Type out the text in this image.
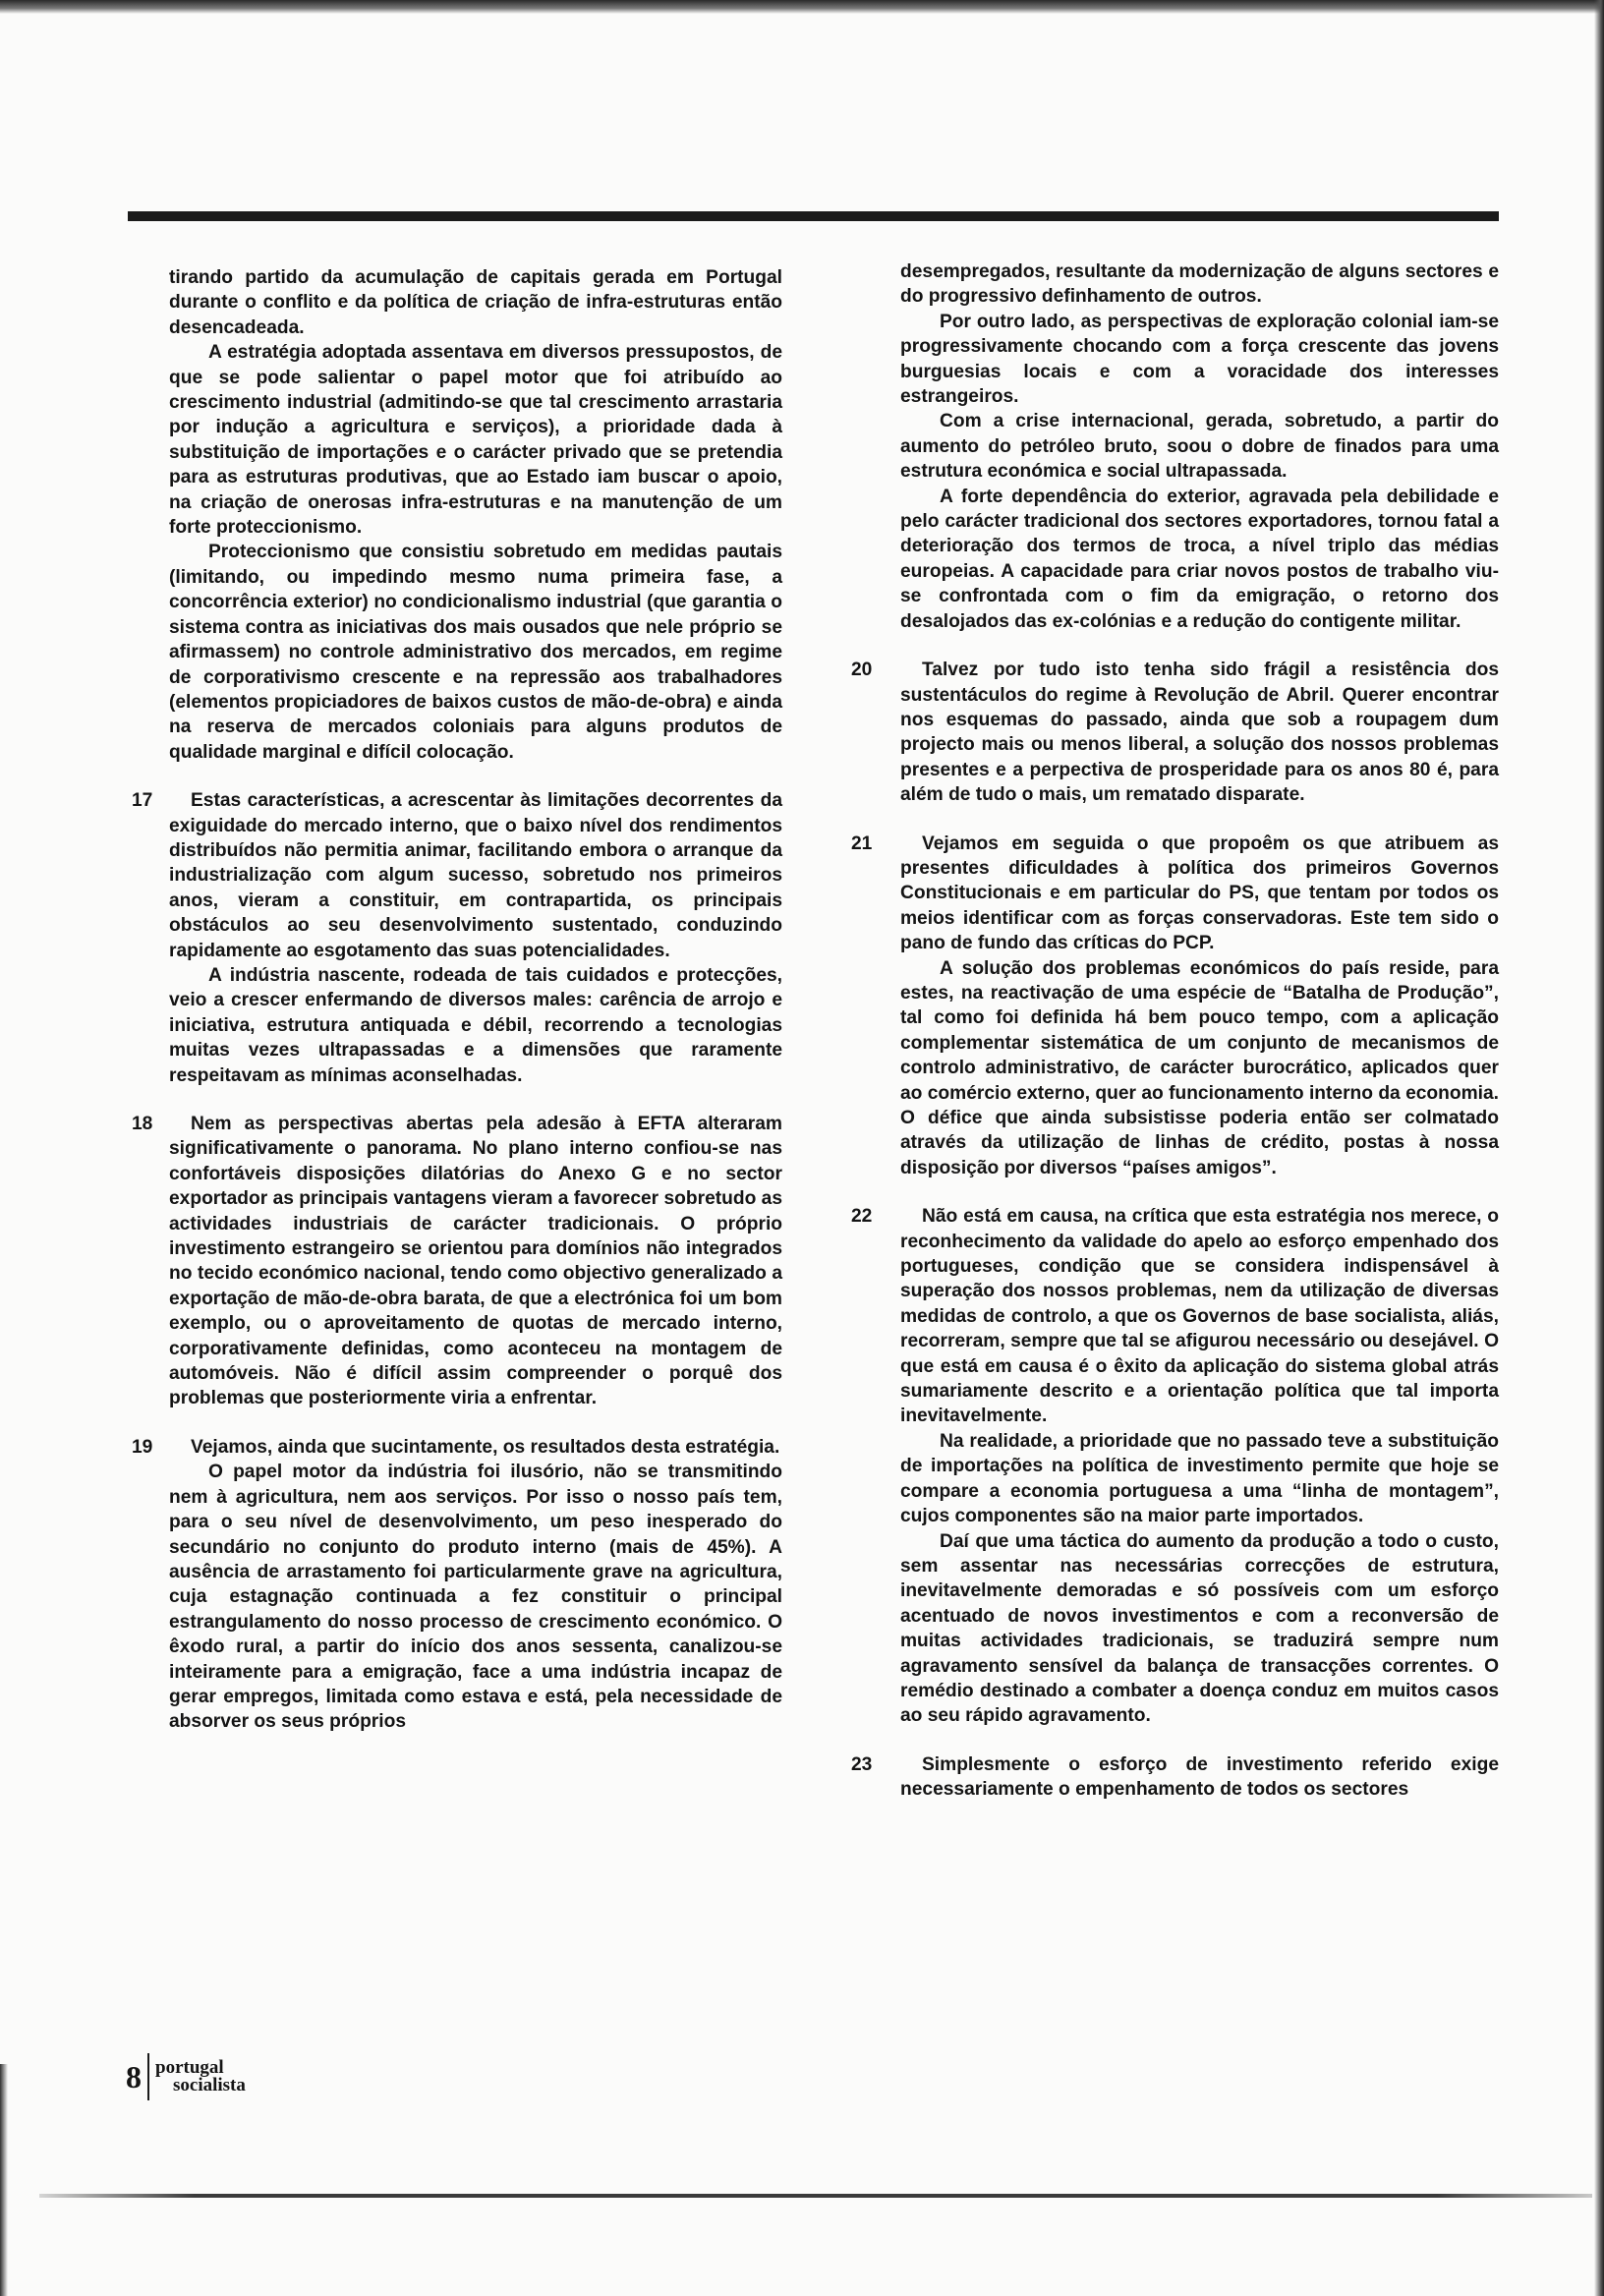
tirando partido da acumulação de capitais gerada em Portugal durante o conflito e da política de criação de infra-estruturas então desencadeada.

A estratégia adoptada assentava em diversos pressupostos, de que se pode salientar o papel motor que foi atribuído ao crescimento industrial (admitindo-se que tal crescimento arrastaria por indução a agricultura e serviços), a prioridade dada à substituição de importações e o carácter privado que se pretendia para as estruturas produtivas, que ao Estado iam buscar o apoio, na criação de onerosas infra-estruturas e na manutenção de um forte proteccionismo.

Proteccionismo que consistiu sobretudo em medidas pautais (limitando, ou impedindo mesmo numa primeira fase, a concorrência exterior) no condicionalismo industrial (que garantia o sistema contra as iniciativas dos mais ousados que nele próprio se afirmassem) no controle administrativo dos mercados, em regime de corporativismo crescente e na repressão aos trabalhadores (elementos propiciadores de baixos custos de mão-de-obra) e ainda na reserva de mercados coloniais para alguns produtos de qualidade marginal e difícil colocação.

17	Estas características, a acrescentar às limitações decorrentes da exiguidade do mercado interno, que o baixo nível dos rendimentos distribuídos não permitia animar, facilitando embora o arranque da industrialização com algum sucesso, sobretudo nos primeiros anos, vieram a constituir, em contrapartida, os principais obstáculos ao seu desenvolvimento sustentado, conduzindo rapidamente ao esgotamento das suas potencialidades.

A indústria nascente, rodeada de tais cuidados e protecções, veio a crescer enfermando de diversos males: carência de arrojo e iniciativa, estrutura antiquada e débil, recorrendo a tecnologias muitas vezes ultrapassadas e a dimensões que raramente respeitavam as mínimas aconselhadas.

18	Nem as perspectivas abertas pela adesão à EFTA alteraram significativamente o panorama. No plano interno confiou-se nas confortáveis disposições dilatórias do Anexo G e no sector exportador as principais vantagens vieram a favorecer sobretudo as actividades industriais de carácter tradicionais. O próprio investimento estrangeiro se orientou para domínios não integrados no tecido económico nacional, tendo como objectivo generalizado a exportação de mão-de-obra barata, de que a electrónica foi um bom exemplo, ou o aproveitamento de quotas de mercado interno, corporativamente definidas, como aconteceu na montagem de automóveis. Não é difícil assim compreender o porquê dos problemas que posteriormente viria a enfrentar.

19	Vejamos, ainda que sucintamente, os resultados desta estratégia.

O papel motor da indústria foi ilusório, não se transmitindo nem à agricultura, nem aos serviços. Por isso o nosso país tem, para o seu nível de desenvolvimento, um peso inesperado do secundário no conjunto do produto interno (mais de 45%). A ausência de arrastamento foi particularmente grave na agricultura, cuja estagnação continuada a fez constituir o principal estrangulamento do nosso processo de crescimento económico. O êxodo rural, a partir do início dos anos sessenta, canalizou-se inteiramente para a emigração, face a uma indústria incapaz de gerar empregos, limitada como estava e está, pela necessidade de absorver os seus próprios

desempregados, resultante da modernização de alguns sectores e do progressivo definhamento de outros.

Por outro lado, as perspectivas de exploração colonial iam-se progressivamente chocando com a força crescente das jovens burguesias locais e com a voracidade dos interesses estrangeiros.

Com a crise internacional, gerada, sobretudo, a partir do aumento do petróleo bruto, soou o dobre de finados para uma estrutura económica e social ultrapassada.

A forte dependência do exterior, agravada pela debilidade e pelo carácter tradicional dos sectores exportadores, tornou fatal a deterioração dos termos de troca, a nível triplo das médias europeias. A capacidade para criar novos postos de trabalho viu-se confrontada com o fim da emigração, o retorno dos desalojados das ex-colónias e a redução do contigente militar.

20	Talvez por tudo isto tenha sido frágil a resistência dos sustentáculos do regime à Revolução de Abril. Querer encontrar nos esquemas do passado, ainda que sob a roupagem dum projecto mais ou menos liberal, a solução dos nossos problemas presentes e a perpectiva de prosperidade para os anos 80 é, para além de tudo o mais, um rematado disparate.

21	Vejamos em seguida o que propoêm os que atribuem as presentes dificuldades à política dos primeiros Governos Constitucionais e em particular do PS, que tentam por todos os meios identificar com as forças conservadoras. Este tem sido o pano de fundo das críticas do PCP.

A solução dos problemas económicos do país reside, para estes, na reactivação de uma espécie de “Batalha de Produção”, tal como foi definida há bem pouco tempo, com a aplicação complementar sistemática de um conjunto de mecanismos de controlo administrativo, de carácter burocrático, aplicados quer ao comércio externo, quer ao funcionamento interno da economia. O défice que ainda subsistisse poderia então ser colmatado através da utilização de linhas de crédito, postas à nossa disposição por diversos “países amigos”.

22	Não está em causa, na crítica que esta estratégia nos merece, o reconhecimento da validade do apelo ao esforço empenhado dos portugueses, condição que se considera indispensável à superação dos nossos problemas, nem da utilização de diversas medidas de controlo, a que os Governos de base socialista, aliás, recorreram, sempre que tal se afigurou necessário ou desejável. O que está em causa é o êxito da aplicação do sistema global atrás sumariamente descrito e a orientação política que tal importa inevitavelmente.

Na realidade, a prioridade que no passado teve a substituição de importações na política de investimento permite que hoje se compare a economia portuguesa a uma “linha de montagem”, cujos componentes são na maior parte importados.

Daí que uma táctica do aumento da produção a todo o custo, sem assentar nas necessárias correcções de estrutura, inevitavelmente demoradas e só possíveis com um esforço acentuado de novos investimentos e com a reconversão de muitas actividades tradicionais, se traduzirá sempre num agravamento sensível da balança de transacções correntes. O remédio destinado a combater a doença conduz em muitos casos ao seu rápido agravamento.

23	Simplesmente o esforço de investimento referido exige necessariamente o empenhamento de todos os sectores

8 portugal
socialista
